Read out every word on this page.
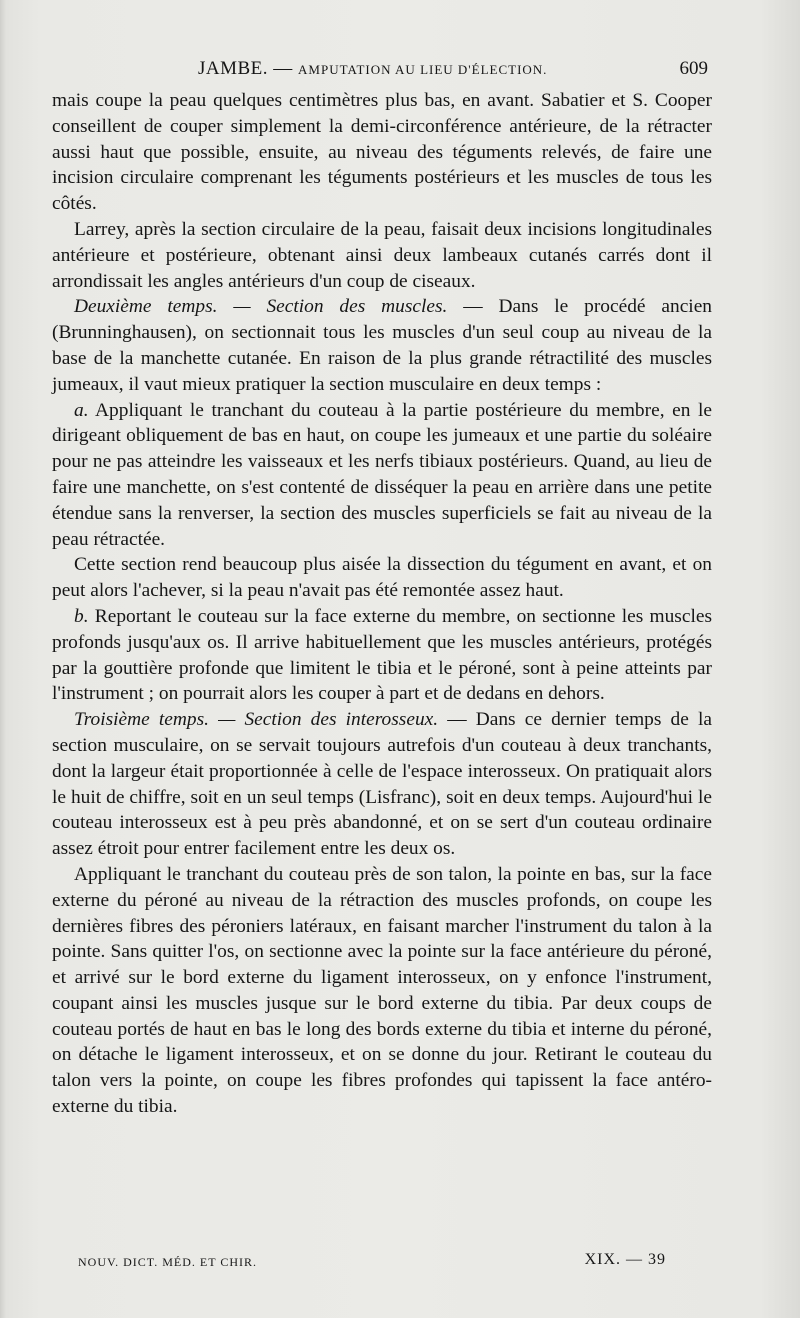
JAMBE. — AMPUTATION AU LIEU D'ÉLECTION.	609

mais coupe la peau quelques centimètres plus bas, en avant. Sabatier et S. Cooper conseillent de couper simplement la demi-circonférence antérieure, de la rétracter aussi haut que possible, ensuite, au niveau des téguments relevés, de faire une incision circulaire comprenant les téguments postérieurs et les muscles de tous les côtés.

Larrey, après la section circulaire de la peau, faisait deux incisions longitudinales antérieure et postérieure, obtenant ainsi deux lambeaux cutanés carrés dont il arrondissait les angles antérieurs d'un coup de ciseaux.

Deuxième temps. — Section des muscles. — Dans le procédé ancien (Brunninghausen), on sectionnait tous les muscles d'un seul coup au niveau de la base de la manchette cutanée. En raison de la plus grande rétractilité des muscles jumeaux, il vaut mieux pratiquer la section musculaire en deux temps :

a. Appliquant le tranchant du couteau à la partie postérieure du membre, en le dirigeant obliquement de bas en haut, on coupe les jumeaux et une partie du soléaire pour ne pas atteindre les vaisseaux et les nerfs tibiaux postérieurs. Quand, au lieu de faire une manchette, on s'est contenté de disséquer la peau en arrière dans une petite étendue sans la renverser, la section des muscles superficiels se fait au niveau de la peau rétractée.

Cette section rend beaucoup plus aisée la dissection du tégument en avant, et on peut alors l'achever, si la peau n'avait pas été remontée assez haut.

b. Reportant le couteau sur la face externe du membre, on sectionne les muscles profonds jusqu'aux os. Il arrive habituellement que les muscles antérieurs, protégés par la gouttière profonde que limitent le tibia et le péroné, sont à peine atteints par l'instrument ; on pourrait alors les couper à part et de dedans en dehors.

Troisième temps. — Section des interosseux. — Dans ce dernier temps de la section musculaire, on se servait toujours autrefois d'un couteau à deux tranchants, dont la largeur était proportionnée à celle de l'espace interosseux. On pratiquait alors le huit de chiffre, soit en un seul temps (Lisfranc), soit en deux temps. Aujourd'hui le couteau interosseux est à peu près abandonné, et on se sert d'un couteau ordinaire assez étroit pour entrer facilement entre les deux os.

Appliquant le tranchant du couteau près de son talon, la pointe en bas, sur la face externe du péroné au niveau de la rétraction des muscles profonds, on coupe les dernières fibres des péroniers latéraux, en faisant marcher l'instrument du talon à la pointe. Sans quitter l'os, on sectionne avec la pointe sur la face antérieure du péroné, et arrivé sur le bord externe du ligament interosseux, on y enfonce l'instrument, coupant ainsi les muscles jusque sur le bord externe du tibia. Par deux coups de couteau portés de haut en bas le long des bords externe du tibia et interne du péroné, on détache le ligament interosseux, et on se donne du jour. Retirant le couteau du talon vers la pointe, on coupe les fibres profondes qui tapissent la face antéro-externe du tibia.

NOUV. DICT. MÉD. ET CHIR.	XIX. — 39
